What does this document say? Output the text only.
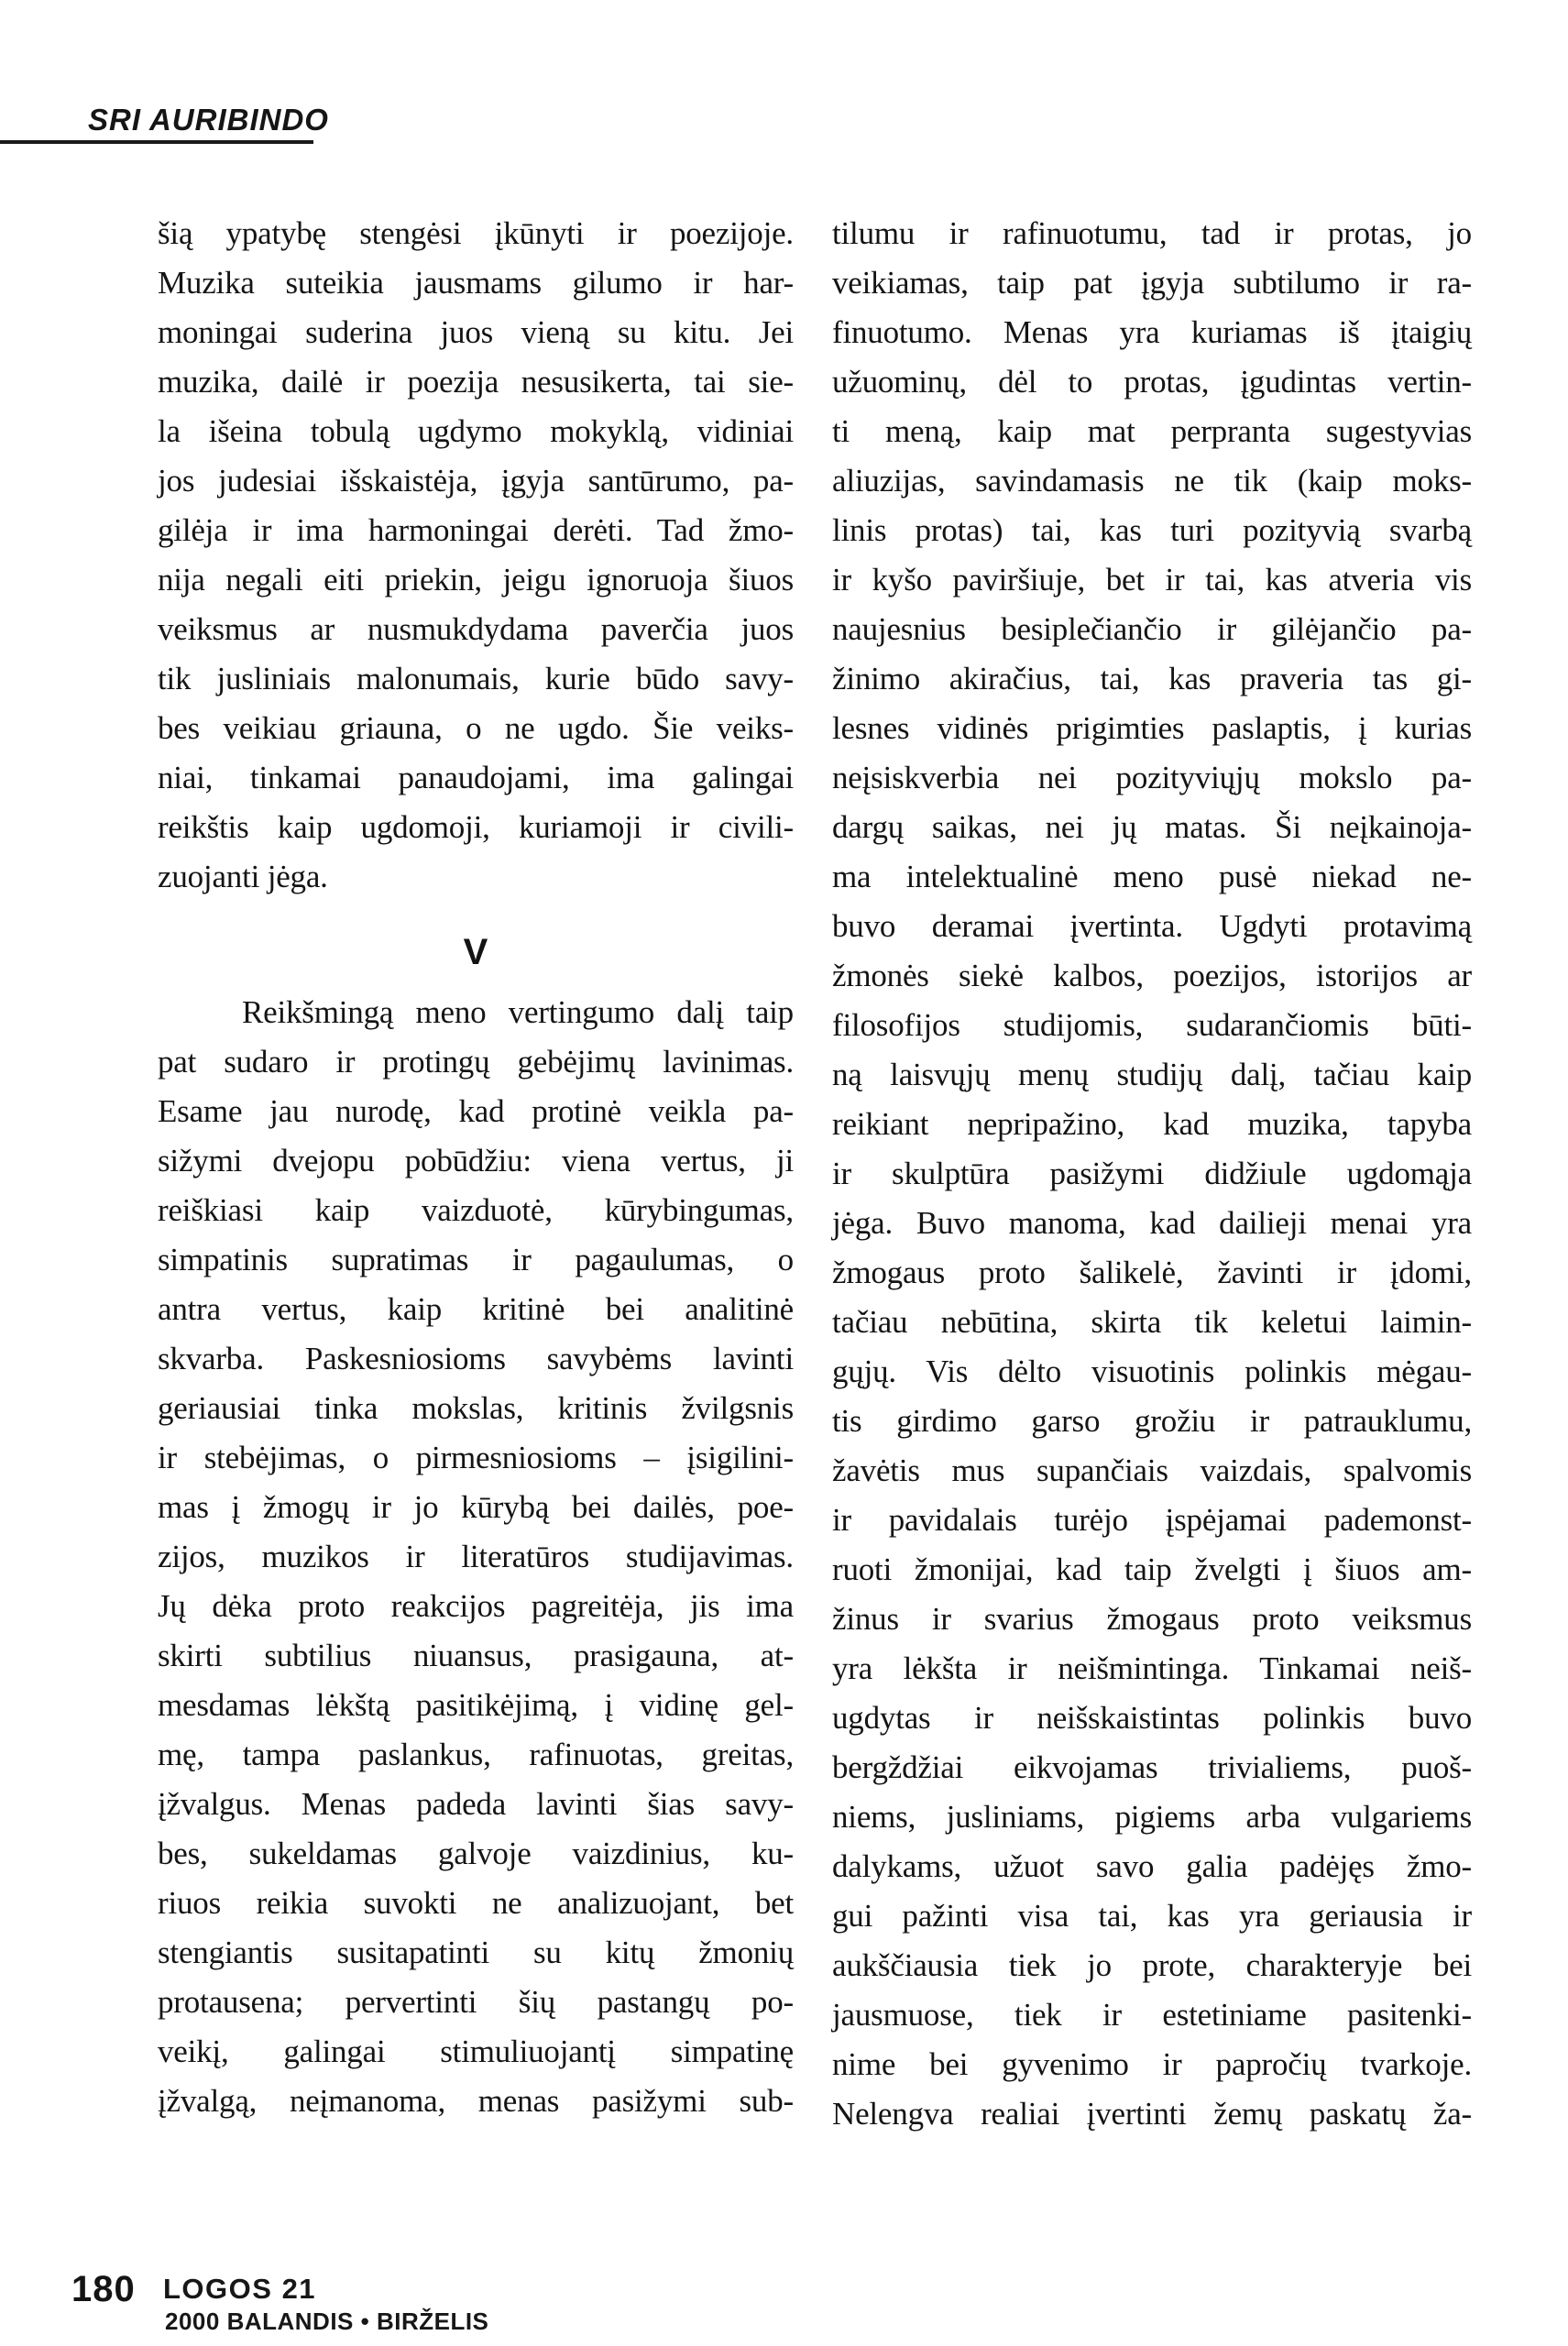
SRI AURIBINDO
šią ypatybę stengėsi įkūnyti ir poezijoje.
Muzika suteikia jausmams gilumo ir har-
moningai suderina juos vieną su kitu. Jei
muzika, dailė ir poezija nesusikerta, tai sie-
la išeina tobulą ugdymo mokyklą, vidiniai
jos judesiai išskaistėja, įgyja santūrumo, pa-
gilėja ir ima harmoningai derėti. Tad žmo-
nija negali eiti priekin, jeigu ignoruoja šiuos
veiksmus ar nusmukdydama paverčia juos
tik jusliniais malonumais, kurie būdo savy-
bes veikiau griauna, o ne ugdo. Šie veiks-
niai, tinkamai panaudojami, ima galingai
reikštis kaip ugdomoji, kuriamoji ir civili-
zuojanti jėga.
V
Reikšmingą meno vertingumo dalį taip
pat sudaro ir protingų gebėjimų lavinimas.
Esame jau nurodę, kad protinė veikla pa-
sižymi dvejopu pobūdžiu: viena vertus, ji
reiškiasi kaip vaizduotė, kūrybingumas,
simpatinis supratimas ir pagaulumas, o
antra vertus, kaip kritinė bei analitinė
skvarba. Paskesniosioms savybėms lavinti
geriausiai tinka mokslas, kritinis žvilgsnis
ir stebėjimas, o pirmesniosioms – įsigilini-
mas į žmogų ir jo kūrybą bei dailės, poe-
zijos, muzikos ir literatūros studijavimas.
Jų dėka proto reakcijos pagreitėja, jis ima
skirti subtilius niuansus, prasigauna, at-
mesdamas lėkštą pasitikėjimą, į vidinę gel-
mę, tampa paslankus, rafinuotas, greitas,
įžvalgus. Menas padeda lavinti šias savy-
bes, sukeldamas galvoje vaizdinius, ku-
riuos reikia suvokti ne analizuojant, bet
stengiantis susitapatinti su kitų žmonių
protausena; pervertinti šių pastangų po-
veikį, galingai stimuliuojantį simpatinę
įžvalgą, neįmanoma, menas pasižymi sub-
tilumu ir rafinuotumu, tad ir protas, jo
veikiamas, taip pat įgyja subtilumo ir ra-
finuotumo. Menas yra kuriamas iš įtaigių
užuominų, dėl to protas, įgudintas vertin-
ti meną, kaip mat perpranta sugestyvias
aliuzijas, savindamasis ne tik (kaip moks-
linis protas) tai, kas turi pozityvią svarbą
ir kyšo paviršiuje, bet ir tai, kas atveria vis
naujesnius besiplečiančio ir gilėjančio pa-
žinimo akiračius, tai, kas praveria tas gi-
lesnes vidinės prigimties paslaptis, į kurias
neįsiskverbia nei pozityviųjų mokslo pa-
dargų saikas, nei jų matas. Ši neįkainoja-
ma intelektualinė meno pusė niekad ne-
buvo deramai įvertinta. Ugdyti protavimą
žmonės siekė kalbos, poezijos, istorijos ar
filosofijos studijomis, sudarančiomis būti-
ną laisvųjų menų studijų dalį, tačiau kaip
reikiant nepripažino, kad muzika, tapyba
ir skulptūra pasižymi didžiule ugdomąja
jėga. Buvo manoma, kad dailieji menai yra
žmogaus proto šalikelė, žavinti ir įdomi,
tačiau nebūtina, skirta tik keletui laimin-
gųjų. Vis dėlto visuotinis polinkis mėgau-
tis girdimo garso grožiu ir patrauklumu,
žavėtis mus supančiais vaizdais, spalvomis
ir pavidalais turėjo įspėjamai pademonst-
ruoti žmonijai, kad taip žvelgti į šiuos am-
žinus ir svarius žmogaus proto veiksmus
yra lėkšta ir neišmintinga. Tinkamai neiš-
ugdytas ir neišskaistintas polinkis buvo
bergždžiai eikvojamas trivialiems, puoš-
niems, jusliniams, pigiems arba vulgariems
dalykams, užuot savo galia padėjęs žmo-
gui pažinti visa tai, kas yra geriausia ir
aukščiausia tiek jo prote, charakteryje bei
jausmuose, tiek ir estetiniame pasitenki-
nime bei gyvenimo ir papročių tvarkoje.
Nelengva realiai įvertinti žemų paskatų ža-
180 LOGOS 21
2000 BALANDIS • BIRŽELIS
